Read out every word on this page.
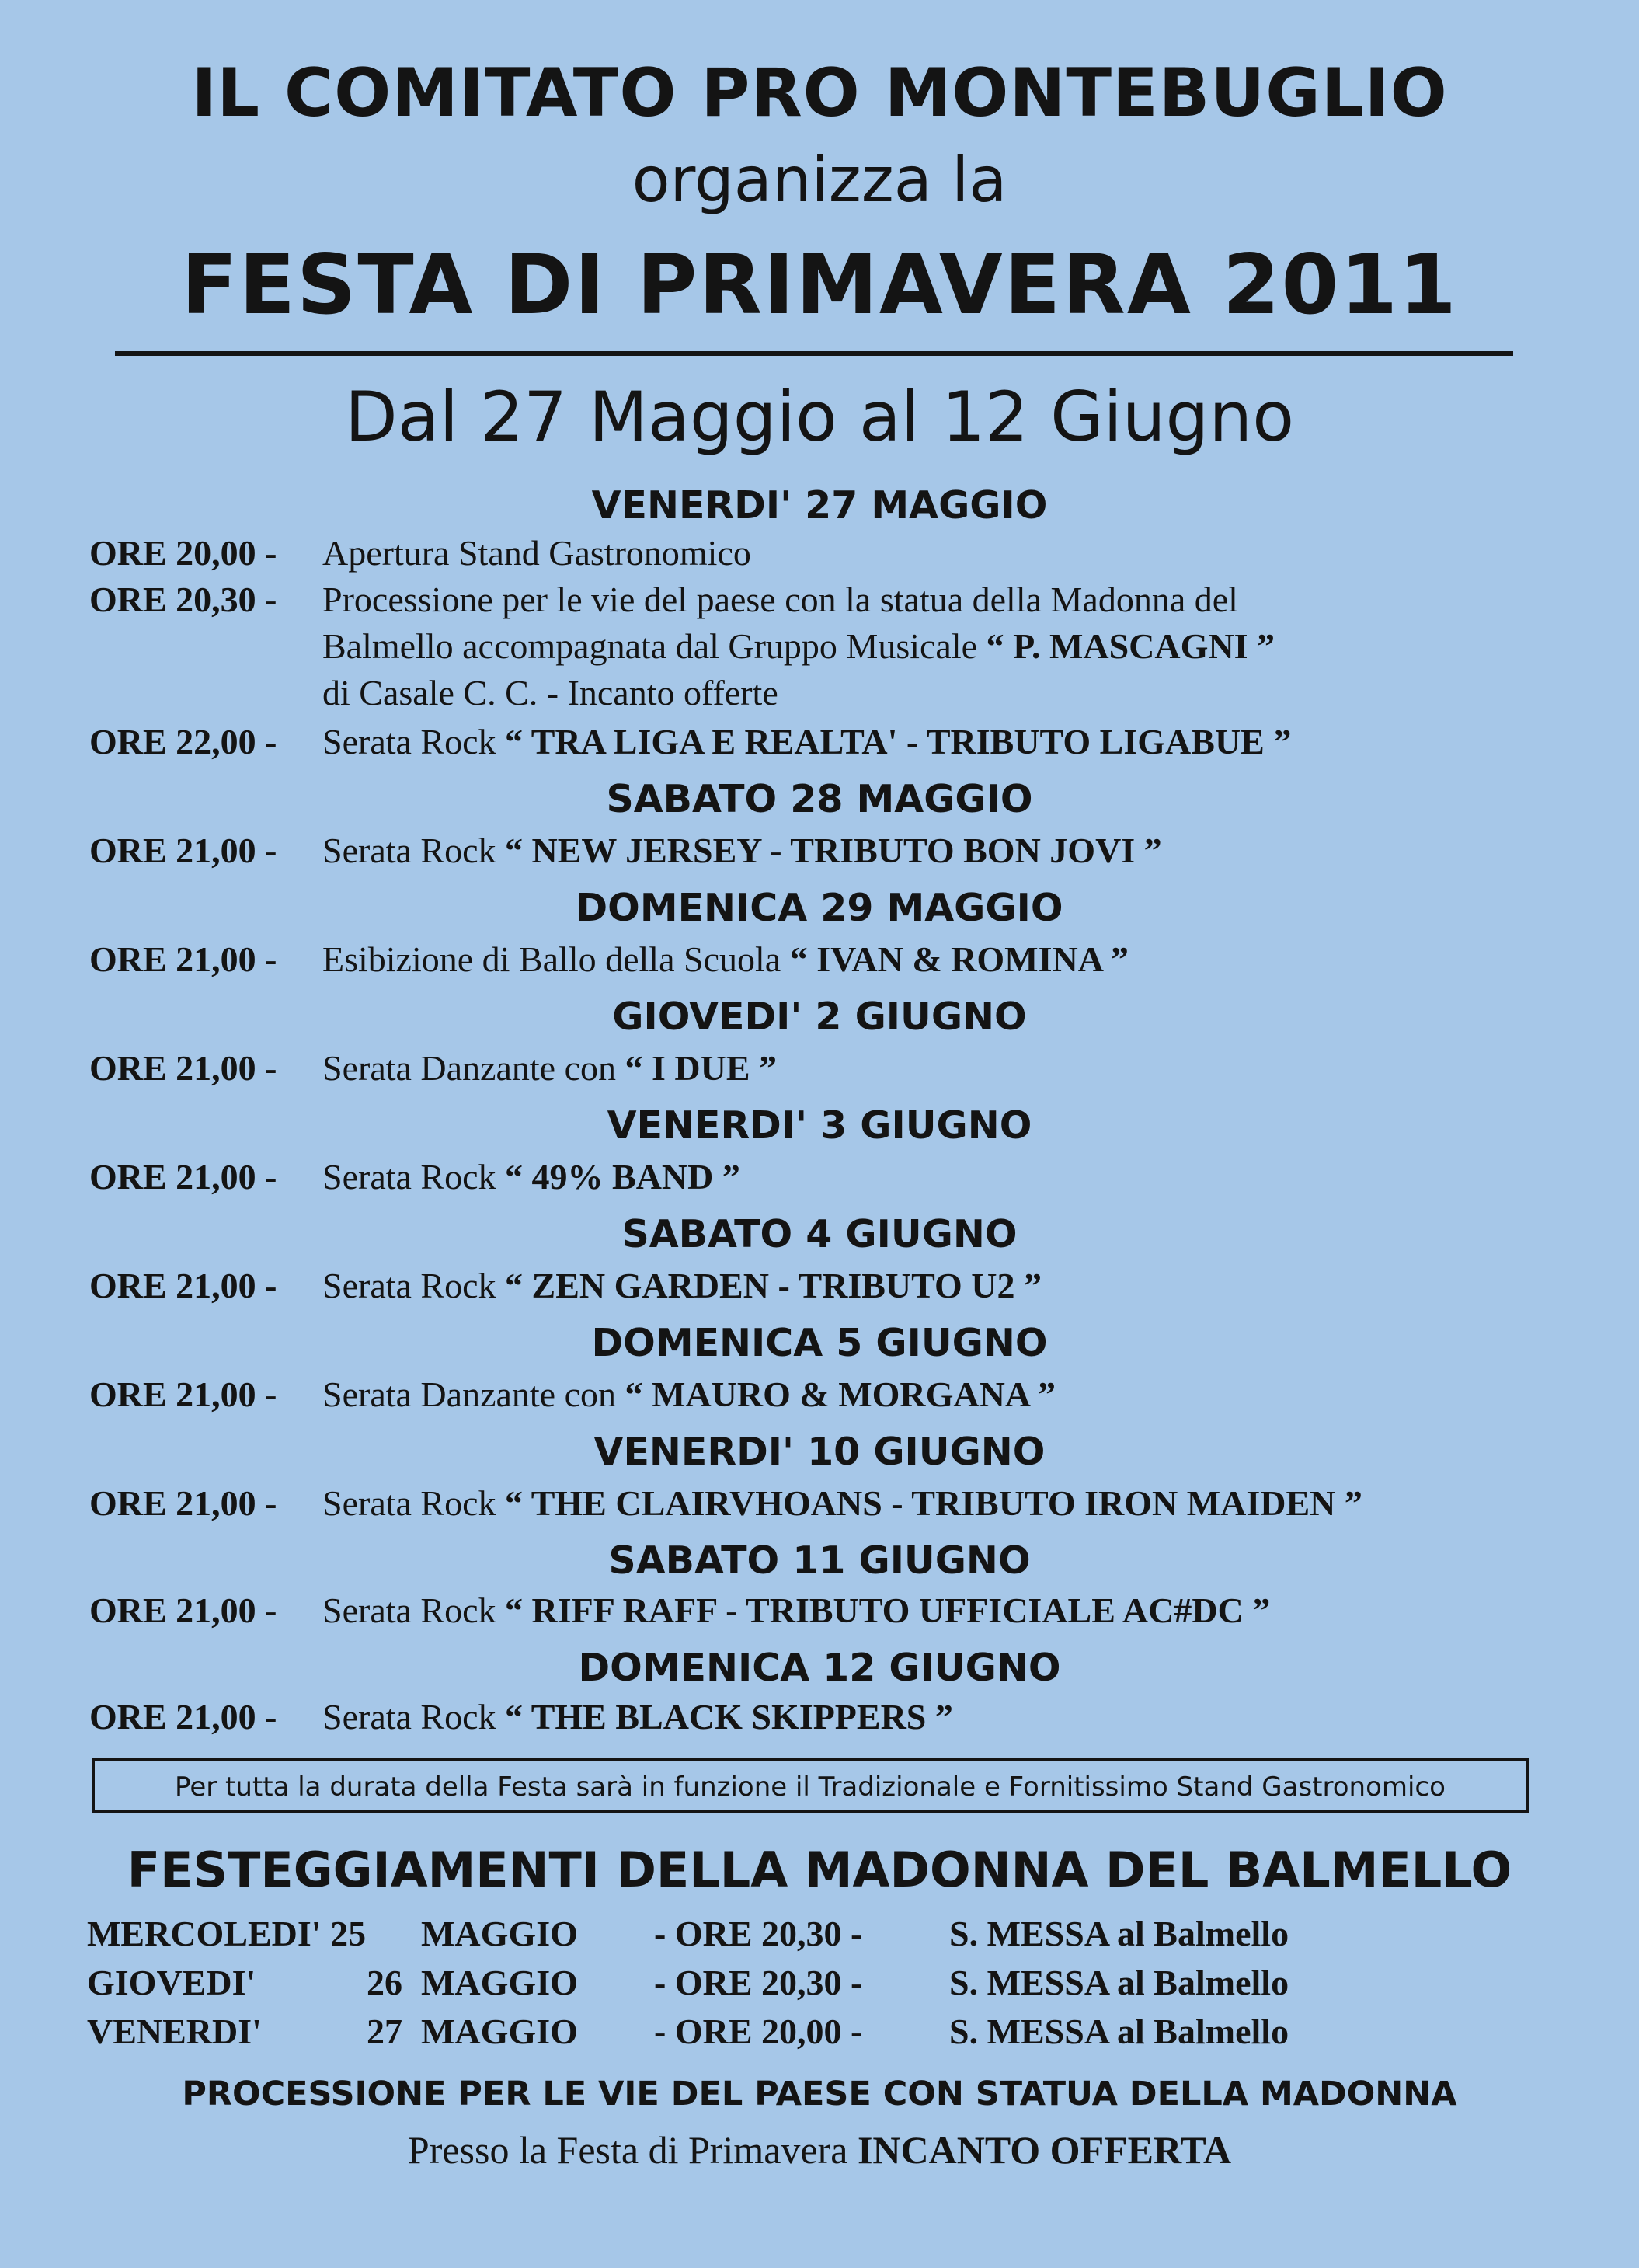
IL COMITATO PRO MONTEBUGLIO
organizza la
FESTA DI PRIMAVERA 2011
Dal 27 Maggio al 12 Giugno
VENERDI' 27 MAGGIO
SABATO 28 MAGGIO
DOMENICA 29 MAGGIO
GIOVEDI' 2 GIUGNO
VENERDI' 3 GIUGNO
SABATO 4 GIUGNO
DOMENICA 5 GIUGNO
VENERDI' 10 GIUGNO
SABATO 11 GIUGNO
DOMENICA 12 GIUGNO
ORE 20,00 - Apertura Stand Gastronomico
ORE 20,30 - Processione per le vie del paese con la statua della Madonna del
Balmello accompagnata dal Gruppo Musicale “ P. MASCAGNI ”
di Casale C. C. - Incanto offerte
ORE 22,00 - Serata Rock “ TRA LIGA E REALTA' - TRIBUTO LIGABUE ”
ORE 21,00 - Serata Rock “ NEW JERSEY - TRIBUTO BON JOVI ”
ORE 21,00 - Esibizione di Ballo della Scuola “ IVAN & ROMINA ”
ORE 21,00 - Serata Danzante con “ I DUE ”
ORE 21,00 - Serata Rock “ 49% BAND ”
ORE 21,00 - Serata Rock “ ZEN GARDEN - TRIBUTO U2 ”
ORE 21,00 - Serata Danzante con “ MAURO & MORGANA ”
ORE 21,00 - Serata Rock “ THE CLAIRVHOANS - TRIBUTO IRON MAIDEN ”
ORE 21,00 - Serata Rock “ RIFF RAFF - TRIBUTO UFFICIALE AC#DC ”
ORE 21,00 - Serata Rock “ THE BLACK SKIPPERS ”
Per tutta la durata della Festa sarà in funzione il Tradizionale e Fornitissimo Stand Gastronomico
FESTEGGIAMENTI DELLA MADONNA DEL BALMELLO
MERCOLEDI' 25 MAGGIO - ORE 20,30 - S. MESSA al Balmello
GIOVEDI'	26 MAGGIO - ORE 20,30 - S. MESSA al Balmello
VENERDI'	27 MAGGIO - ORE 20,00 - S. MESSA al Balmello
PROCESSIONE PER LE VIE DEL PAESE CON STATUA DELLA MADONNA
Presso la Festa di Primavera INCANTO OFFERTA
